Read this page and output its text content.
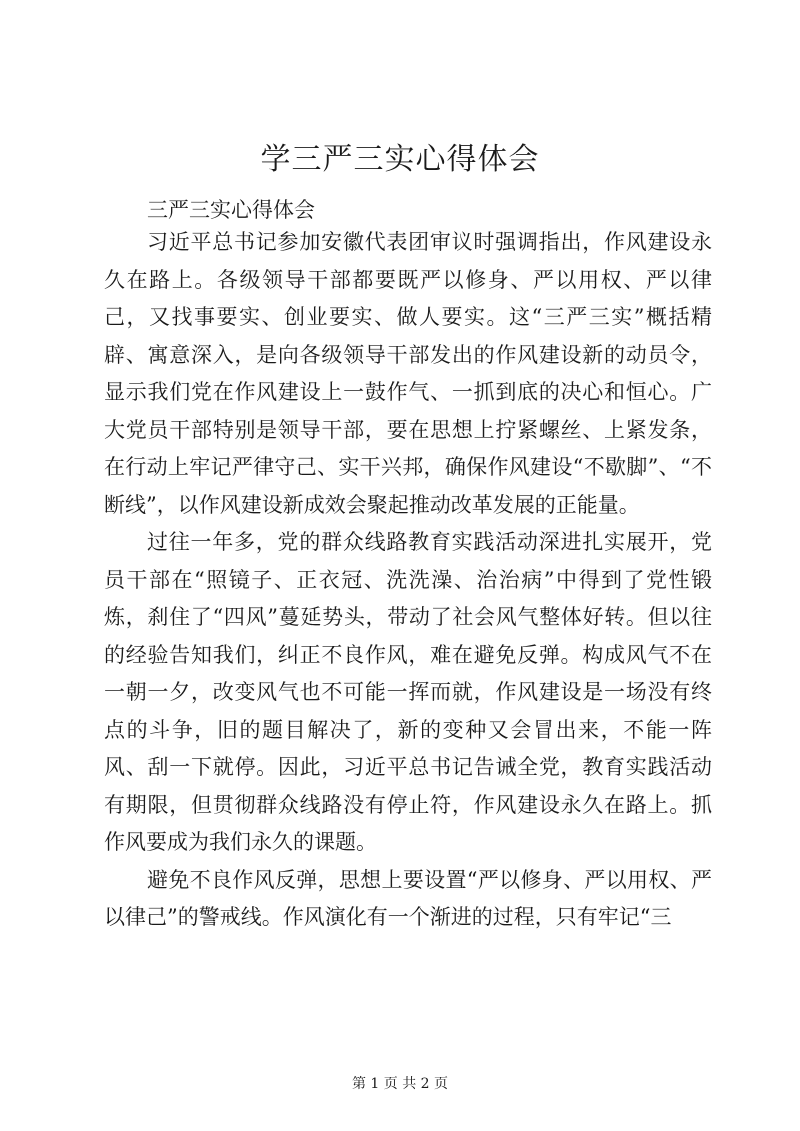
学三严三实心得体会

三严三实心得体会

习近平总书记参加安徽代表团审议时强调指出，作风建设永久在路上。各级领导干部都要既严以修身、严以用权、严以律己，又找事要实、创业要实、做人要实。这“三严三实”概括精辟、寓意深入，是向各级领导干部发出的作风建设新的动员令，显示我们党在作风建设上一鼓作气、一抓到底的决心和恒心。广大党员干部特别是领导干部，要在思想上拧紧螺丝、上紧发条，在行动上牢记严律守己、实干兴邦，确保作风建设“不歇脚”、“不断线”，以作风建设新成效会聚起推动改革发展的正能量。

过往一年多，党的群众线路教育实践活动深进扎实展开，党员干部在“照镜子、正衣冠、洗洗澡、治治病”中得到了党性锻炼，刹住了“四风”蔓延势头，带动了社会风气整体好转。但以往的经验告知我们，纠正不良作风，难在避免反弹。构成风气不在一朝一夕，改变风气也不可能一挥而就，作风建设是一场没有终点的斗争，旧的题目解决了，新的变种又会冒出来，不能一阵风、刮一下就停。因此，习近平总书记告诫全党，教育实践活动有期限，但贯彻群众线路没有停止符，作风建设永久在路上。抓作风要成为我们永久的课题。

避免不良作风反弹，思想上要设置“严以修身、严以用权、严以律己”的警戒线。作风演化有一个渐进的过程，只有牢记“三

第 1 页 共 2 页
